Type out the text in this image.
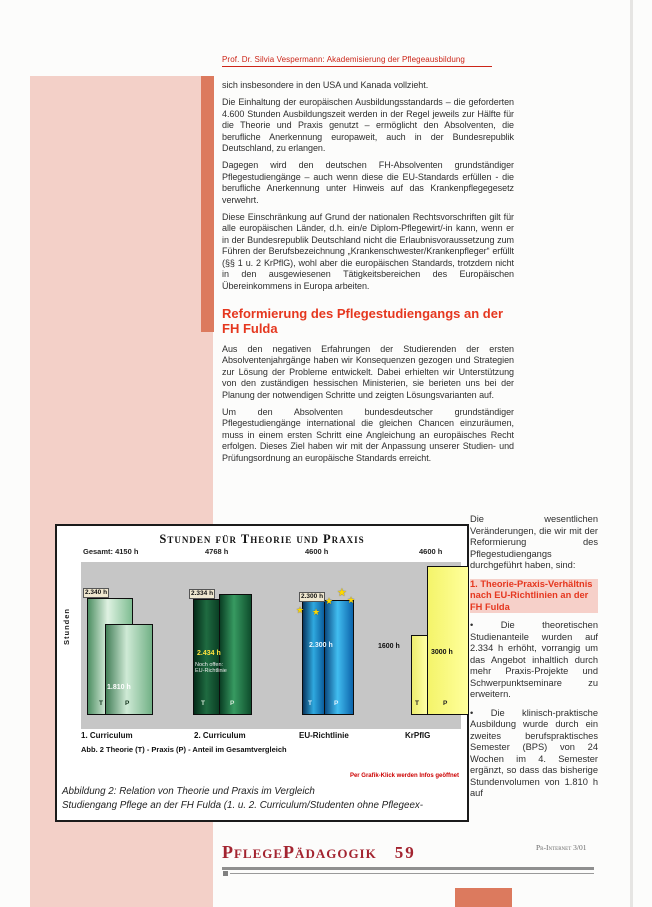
Prof. Dr. Silvia Vespermann: Akademisierung der Pflegeausbildung

sich insbesondere in den USA und Kanada vollzieht.

Die Einhaltung der europäischen Ausbildungsstandards – die geforderten 4.600 Stunden Ausbildungszeit werden in der Regel jeweils zur Hälfte für die Theorie und Praxis genutzt – ermöglicht den Absolventen, die berufliche Anerkennung europaweit, auch in der Bundesrepublik Deutschland, zu erlangen.

Dagegen wird den deutschen FH-Absolventen grundständiger Pflegestudiengänge – auch wenn diese die EU-Standards erfüllen - die berufliche Anerkennung unter Hinweis auf das Krankenpflegegesetz verwehrt.

Diese Einschränkung auf Grund der nationalen Rechtsvorschriften gilt für alle europäischen Länder, d.h. ein/e Diplom-Pflegewirt/-in kann, wenn er in der Bundesrepublik Deutschland nicht die Erlaubnisvoraussetzung zum Führen der Berufsbezeichnung „Krankenschwester/Krankenpfleger“ erfüllt (§§ 1 u. 2 KrPflG), wohl aber die europäischen Standards, trotzdem nicht in den ausgewiesenen Tätigkeitsbereichen des Europäischen Übereinkommens in Europa arbeiten.

Reformierung des Pflegestudiengangs an der FH Fulda

Aus den negativen Erfahrungen der Studierenden der ersten Absolventenjahrgänge haben wir Konsequenzen gezogen und Strategien zur Lösung der Probleme entwickelt. Dabei erhielten wir Unterstützung von den zuständigen hessischen Ministerien, sie berieten uns bei der Planung der notwendigen Schritte und zeigten Lösungsvarianten auf.

Um den Absolventen bundesdeutscher grundständiger Pflegestudiengänge international die gleichen Chancen einzuräumen, muss in einem ersten Schritt eine Angleichung an europäisches Recht erfolgen. Dieses Ziel haben wir mit der Anpassung unserer Studien- und Prüfungsordnung an europäische Standards erreicht.

Stunden für Theorie und Praxis
Gesamt: 4150 h	4768 h	4600 h	4600 h
Stunden
2.340 h	2.334 h	2.300 h
1.810 h
2.434 h
Noch offen:
EU-Richtlinie
2.300 h	1600 h
3000 h
T	P	T	P	T	P	T	P
★ ★
★
★
★
1. Curriculum	2. Curriculum	EU-Richtlinie	KrPflG
Abb. 2 Theorie (T) - Praxis (P) - Anteil im Gesamtvergleich
Per Grafik-Klick werden Infos geöffnet
Abbildung 2: Relation von Theorie und Praxis im Vergleich
Studiengang Pflege an der FH Fulda (1. u. 2. Curriculum/Studenten ohne Pflegeex-

Die wesentlichen Veränderungen, die wir mit der Reformierung des Pflegestudiengangs durchgeführt haben, sind:

1. Theorie-Praxis-Verhältnis nach EU-Richtlinien an der FH Fulda

•	Die theoretischen Studienanteile wurden auf 2.334 h erhöht, vorrangig um das Angebot inhaltlich durch mehr Praxis-Projekte und Schwerpunktseminare zu erweitern.

• Die klinisch-praktische Ausbildung wurde durch ein zweites berufspraktisches Semester (BPS) von 24 Wochen im 4. Semester ergänzt, so dass das bisherige Stundenvolumen von 1.810 h auf

PflegePädagogik 59	Pr-Internet 3/01
